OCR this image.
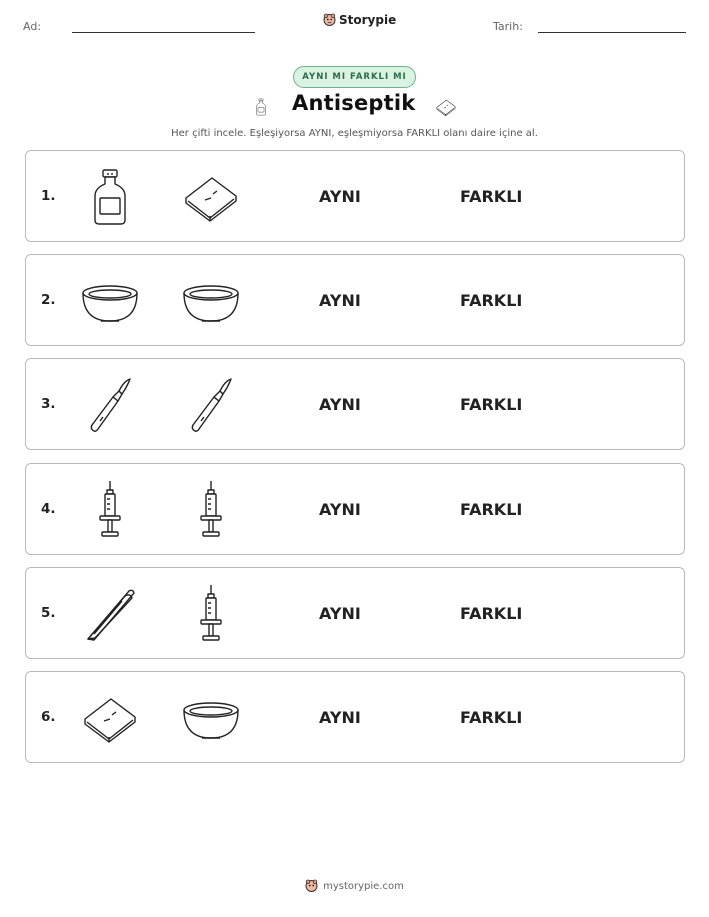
Ad:	Storypie	Tarih:
AYNI MI FARKLI MI
Antiseptik
Her çifti incele. Eşleşiyorsa AYNI, eşleşmiyorsa FARKLI olanı daire içine al.
1.	AYNI	FARKLI
2.	AYNI	FARKLI
3.	AYNI	FARKLI
4.	AYNI	FARKLI
5.	AYNI	FARKLI
6.	AYNI	FARKLI
mystorypie.com
